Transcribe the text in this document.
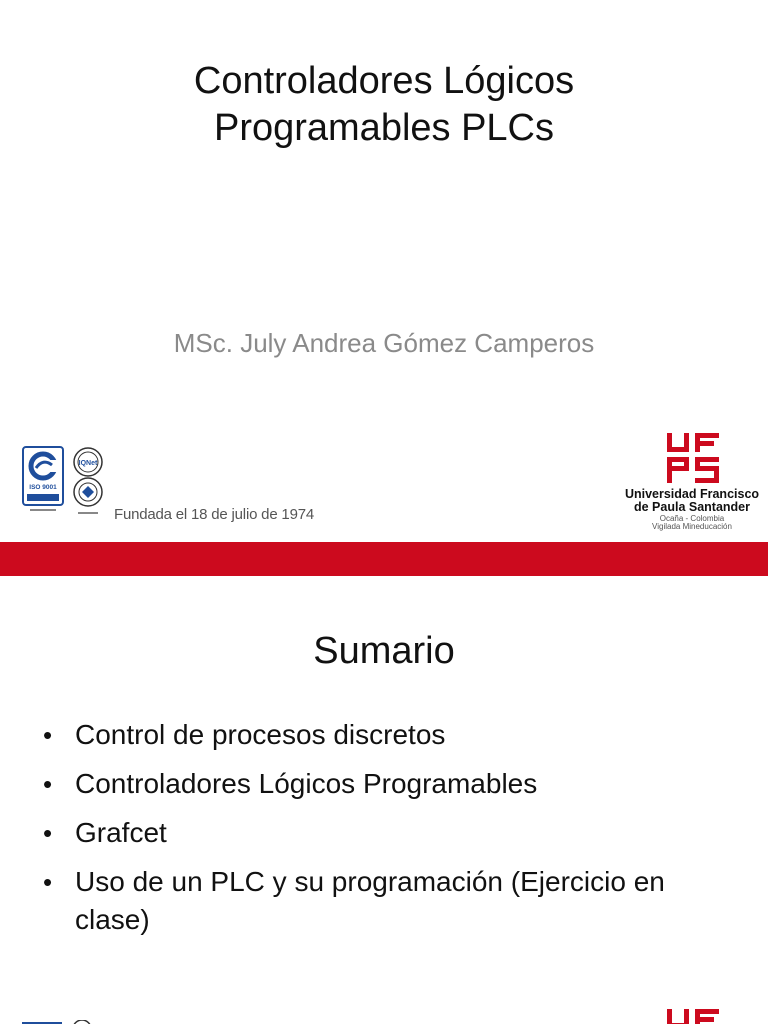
Controladores Lógicos
Programables PLCs
MSc. July Andrea Gómez Camperos
ISO 9001
IQNet
Fundada el 18 de julio de 1974
Universidad Francisco
de Paula Santander
Ocaña - Colombia
Vigilada Mineducación
Sumario
• Control de procesos discretos
• Controladores Lógicos Programables
• Grafcet
• Uso de un PLC y su programación (Ejercicio en clase)
